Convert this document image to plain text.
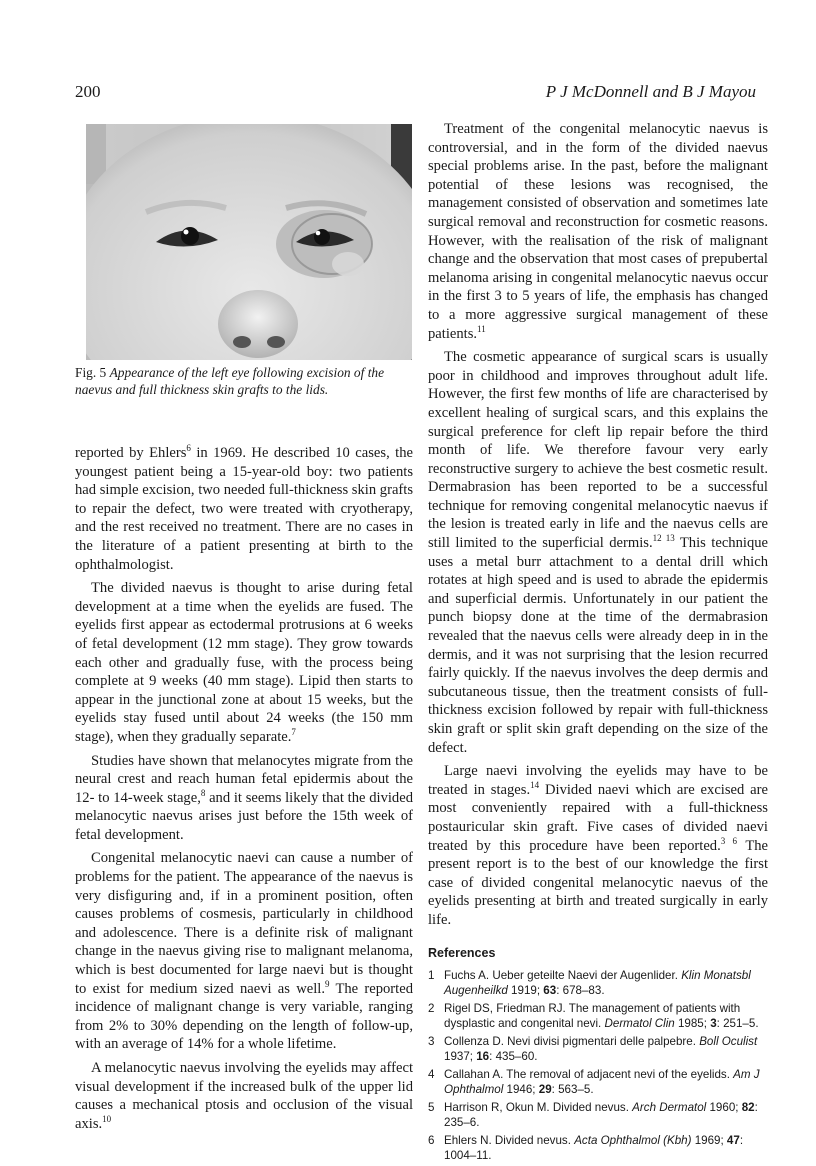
200	P J McDonnell and B J Mayou
Fig. 5 Appearance of the left eye following excision of the naevus and full thickness skin grafts to the lids.

reported by Ehlers$^6$ in 1969. He described 10 cases, the youngest patient being a 15-year-old boy: two patients had simple excision, two needed full-thickness skin grafts to repair the defect, two were treated with cryotherapy, and the rest received no treatment. There are no cases in the literature of a patient presenting at birth to the ophthalmologist.

The divided naevus is thought to arise during fetal development at a time when the eyelids are fused. The eyelids first appear as ectodermal protrusions at 6 weeks of fetal development (12 mm stage). They grow towards each other and gradually fuse, with the process being complete at 9 weeks (40 mm stage). Lipid then starts to appear in the junctional zone at about 15 weeks, but the eyelids stay fused until about 24 weeks (the 150 mm stage), when they gradually separate.$^7$

Studies have shown that melanocytes migrate from the neural crest and reach human fetal epidermis about the 12- to 14-week stage,$^8$ and it seems likely that the divided melanocytic naevus arises just before the 15th week of fetal development.

Congenital melanocytic naevi can cause a number of problems for the patient. The appearance of the naevus is very disfiguring and, if in a prominent position, often causes problems of cosmesis, particularly in childhood and adolescence. There is a definite risk of malignant change in the naevus giving rise to malignant melanoma, which is best documented for large naevi but is thought to exist for medium sized naevi as well.$^9$ The reported incidence of malignant change is very variable, ranging from 2% to 30% depending on the length of follow-up, with an average of 14% for a whole lifetime.

A melanocytic naevus involving the eyelids may affect visual development if the increased bulk of the upper lid causes a mechanical ptosis and occlusion of the visual axis.$^{10}$

Treatment of the congenital melanocytic naevus is controversial, and in the form of the divided naevus special problems arise. In the past, before the malignant potential of these lesions was recognised, the management consisted of observation and sometimes late surgical removal and reconstruction for cosmetic reasons. However, with the realisation of the risk of malignant change and the observation that most cases of prepubertal melanoma arising in congenital melanocytic naevus occur in the first 3 to 5 years of life, the emphasis has changed to a more aggressive surgical management of these patients.$^{11}$

The cosmetic appearance of surgical scars is usually poor in childhood and improves throughout adult life. However, the first few months of life are characterised by excellent healing of surgical scars, and this explains the surgical preference for cleft lip repair before the third month of life. We therefore favour very early reconstructive surgery to achieve the best cosmetic result. Dermabrasion has been reported to be a successful technique for removing congenital melanocytic naevus if the lesion is treated early in life and the naevus cells are still limited to the superficial dermis.$^{12 13}$ This technique uses a metal burr attachment to a dental drill which rotates at high speed and is used to abrade the epidermis and superficial dermis. Unfortunately in our patient the punch biopsy done at the time of the dermabrasion revealed that the naevus cells were already deep in in the dermis, and it was not surprising that the lesion recurred fairly quickly. If the naevus involves the deep dermis and subcutaneous tissue, then the treatment consists of full-thickness excision followed by repair with full-thickness skin graft or split skin graft depending on the size of the defect.

Large naevi involving the eyelids may have to be treated in stages.$^{14}$ Divided naevi which are excised are most conveniently repaired with a full-thickness postauricular skin graft. Five cases of divided naevi treated by this procedure have been reported.$^{3 6}$ The present report is to the best of our knowledge the first case of divided congenital melanocytic naevus of the eyelids presenting at birth and treated surgically in early life.

References
1 Fuchs A. Ueber geteilte Naevi der Augenlider. Klin Monatsbl Augenheilkd 1919; 63: 678–83.
2 Rigel DS, Friedman RJ. The management of patients with dysplastic and congenital nevi. Dermatol Clin 1985; 3: 251–5.
3 Collenza D. Nevi divisi pigmentari delle palpebre. Boll Oculist 1937; 16: 435–60.
4 Callahan A. The removal of adjacent nevi of the eyelids. Am J Ophthalmol 1946; 29: 563–5.
5 Harrison R, Okun M. Divided nevus. Arch Dermatol 1960; 82: 235–6.
6 Ehlers N. Divided nevus. Acta Ophthalmol (Kbh) 1969; 47: 1004–11.
